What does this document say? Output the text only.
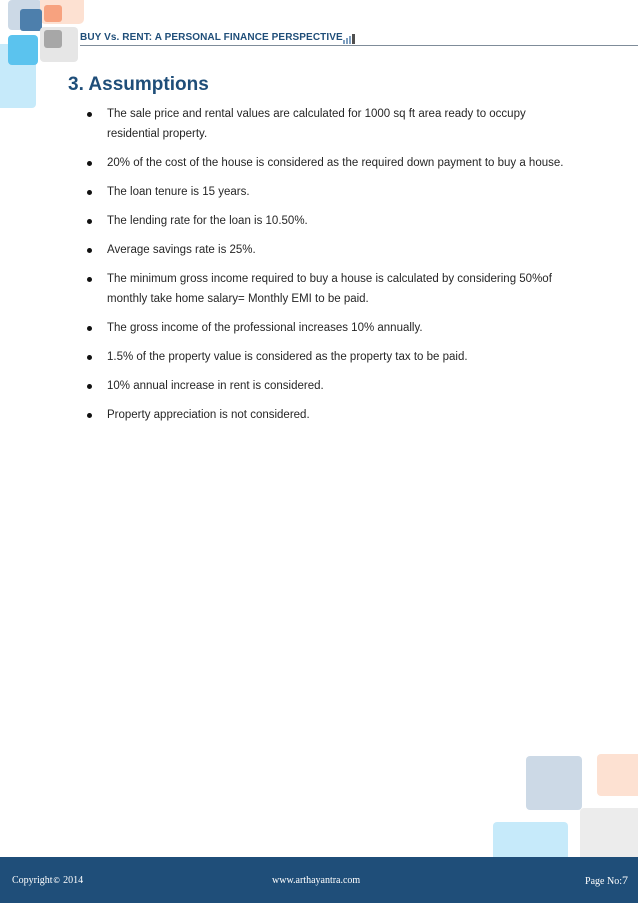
BUY Vs. RENT: A PERSONAL FINANCE PERSPECTIVE
3. Assumptions
The sale price and rental values are calculated for 1000 sq ft area ready to occupy residential property.
20% of the cost of the house is considered as the required down payment to buy a house.
The loan tenure is 15 years.
The lending rate for the loan is 10.50%.
Average savings rate is 25%.
The minimum gross income required to buy a house is calculated by considering 50%of monthly take home salary= Monthly EMI to be paid.
The gross income of the professional increases 10% annually.
1.5% of the property value is considered as the property tax to be paid.
10% annual increase in rent is considered.
Property appreciation is not considered.
Copyright© 2014	www.arthayantra.com	Page No:7
